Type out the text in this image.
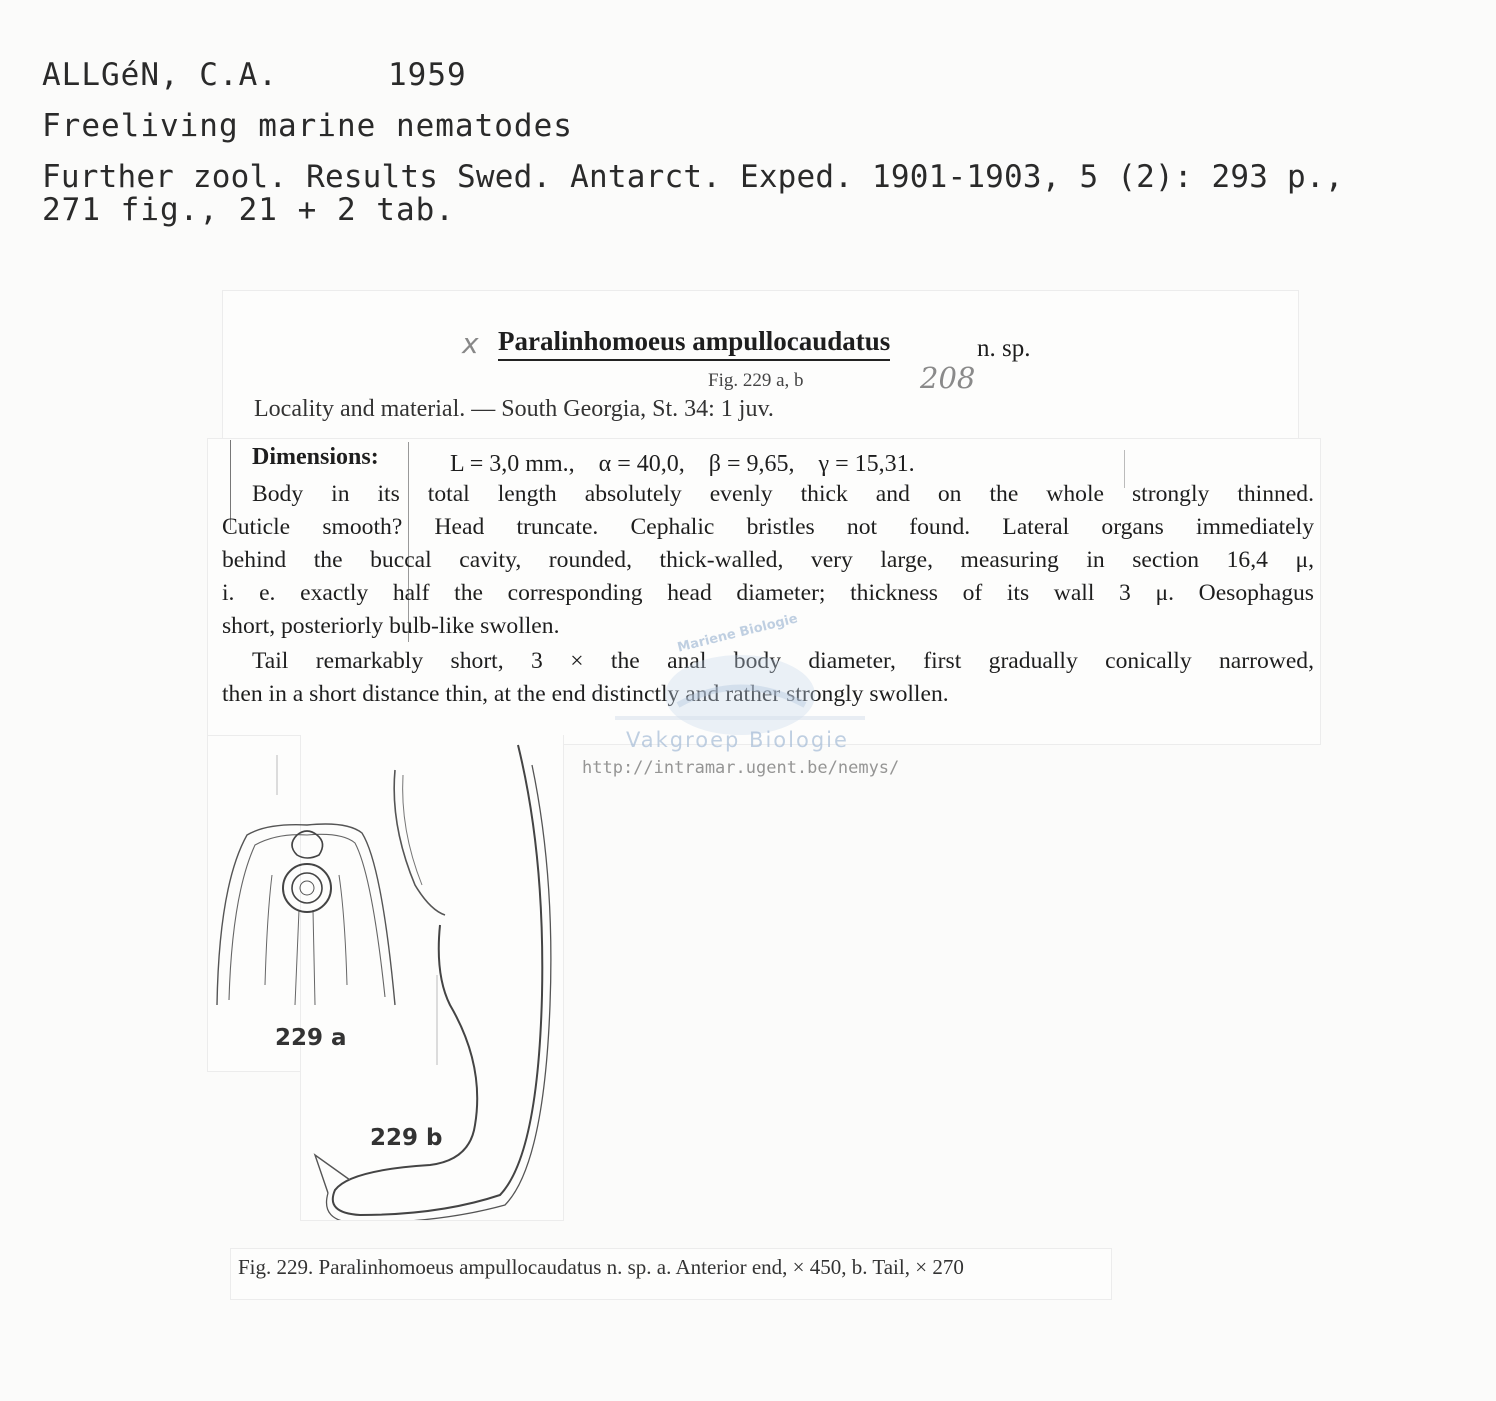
ALLGéN, C.A.	1959
Freeliving marine nematodes
Further zool. Results Swed. Antarct. Exped. 1901-1903, 5 (2): 293 p.,
271 fig., 21 + 2 tab.
x Paralinhomoeus ampullocaudatus	n. sp.
Fig. 229 a, b	208
Locality and material. — South Georgia, St. 34: 1 juv.
Dimensions:	L = 3,0 mm.,    α = 40,0,    β = 9,65,    γ = 15,31.
Body in its total length absolutely evenly thick and on the whole strongly thinned.
Cuticle smooth? Head truncate. Cephalic bristles not found. Lateral organs immediately
behind the buccal cavity, rounded, thick-walled, very large, measuring in section 16,4 μ,
i. e. exactly half the corresponding head diameter; thickness of its wall 3 μ. Oesophagus
short, posteriorly bulb-like swollen.
Tail remarkably short, 3 × the anal body diameter, first gradually conically narrowed,
then in a short distance thin, at the end distinctly and rather strongly swollen.
Mariene Biologie
Vakgroep Biologie
http://intramar.ugent.be/nemys/
229 a
229 b
Fig. 229. Paralinhomoeus ampullocaudatus n. sp. a. Anterior end, × 450, b. Tail, × 270
